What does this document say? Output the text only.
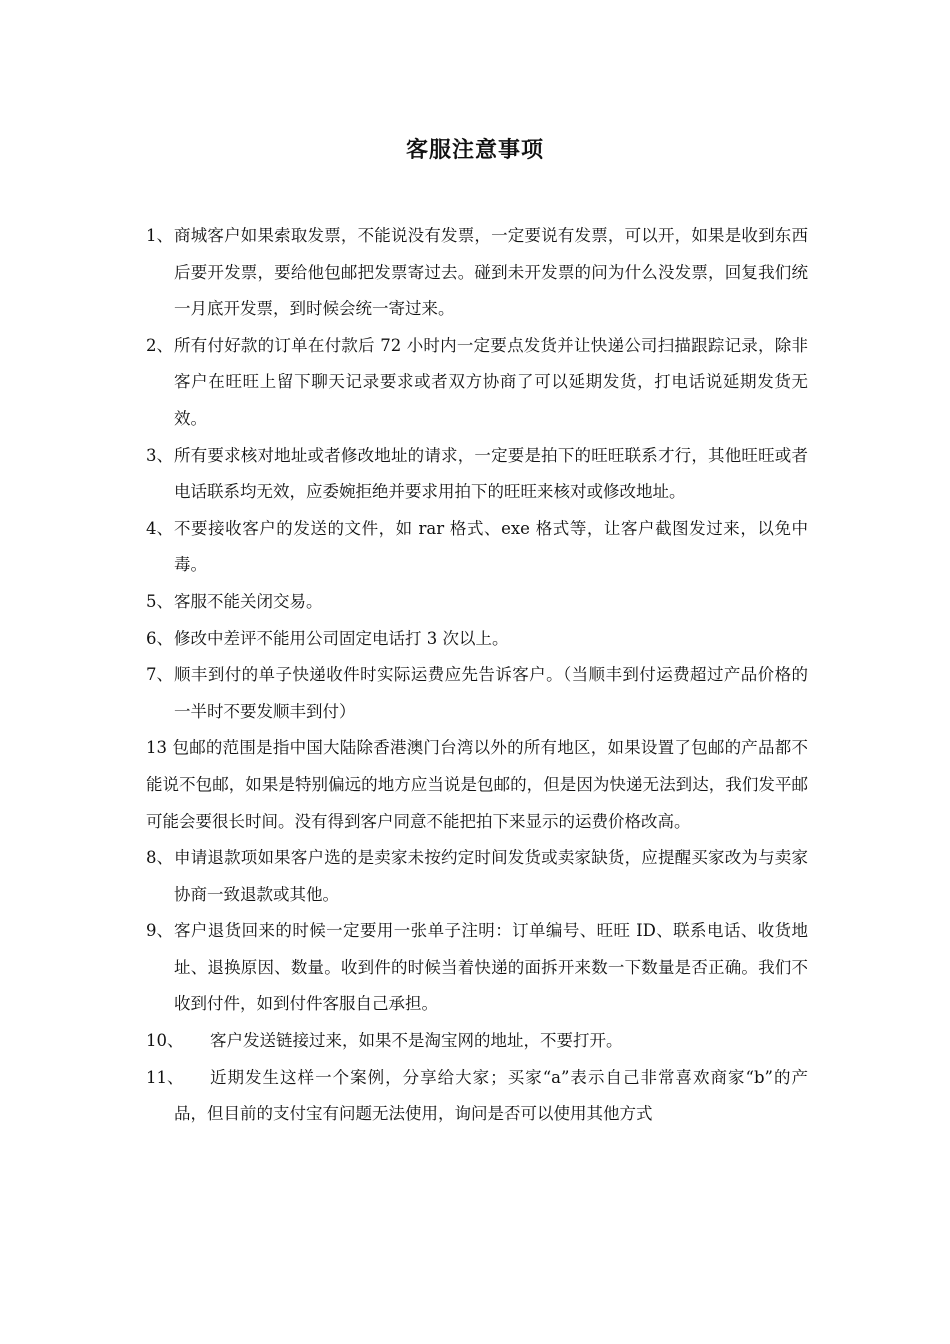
客服注意事项
1、 商城客户如果索取发票，不能说没有发票，一定要说有发票，可以开，如果是收到东西后要开发票，要给他包邮把发票寄过去。碰到未开发票的问为什么没发票，回复我们统一月底开发票，到时候会统一寄过来。
2、 所有付好款的订单在付款后 72 小时内一定要点发货并让快递公司扫描跟踪记录，除非客户在旺旺上留下聊天记录要求或者双方协商了可以延期发货，打电话说延期发货无效。
3、 所有要求核对地址或者修改地址的请求，一定要是拍下的旺旺联系才行，其他旺旺或者电话联系均无效，应委婉拒绝并要求用拍下的旺旺来核对或修改地址。
4、 不要接收客户的发送的文件，如 rar 格式、exe 格式等，让客户截图发过来，以免中毒。
5、 客服不能关闭交易。
6、 修改中差评不能用公司固定电话打 3 次以上。
7、 顺丰到付的单子快递收件时实际运费应先告诉客户。（当顺丰到付运费超过产品价格的一半时不要发顺丰到付）
13 包邮的范围是指中国大陆除香港澳门台湾以外的所有地区，如果设置了包邮的产品都不能说不包邮，如果是特别偏远的地方应当说是包邮的，但是因为快递无法到达，我们发平邮可能会要很长时间。没有得到客户同意不能把拍下来显示的运费价格改高。
8、 申请退款项如果客户选的是卖家未按约定时间发货或卖家缺货，应提醒买家改为与卖家协商一致退款或其他。
9、 客户退货回来的时候一定要用一张单子注明：订单编号、旺旺 ID、联系电话、收货地址、退换原因、数量。收到件的时候当着快递的面拆开来数一下数量是否正确。我们不收到付件，如到付件客服自己承担。
10、	客户发送链接过来，如果不是淘宝网的地址，不要打开。
11、	近期发生这样一个案例，分享给大家；买家“a”表示自己非常喜欢商家“b”的产品，但目前的支付宝有问题无法使用，询问是否可以使用其他方式
